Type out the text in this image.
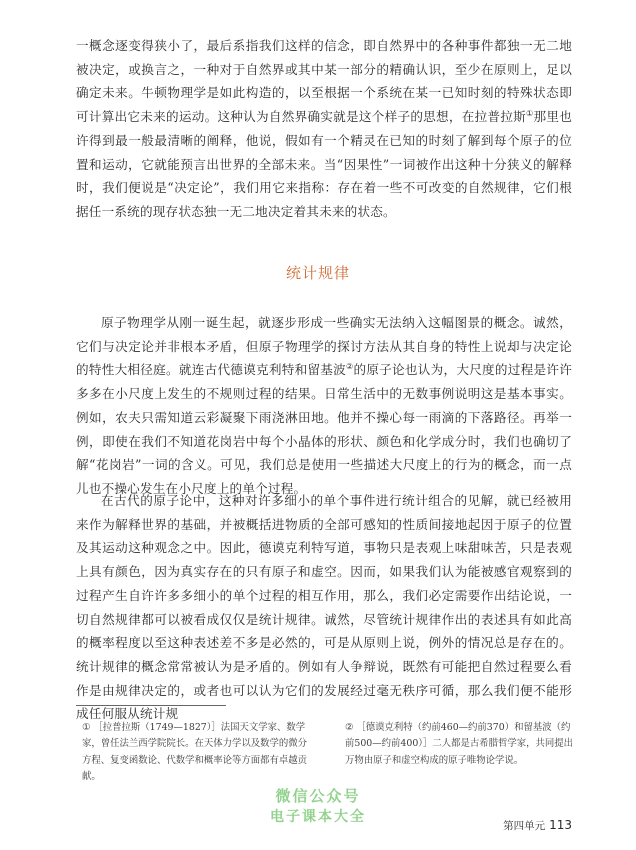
一概念逐变得狭小了，最后系指我们这样的信念，即自然界中的各种事件都独一无二地被决定，或换言之，一种对于自然界或其中某一部分的精确认识，至少在原则上，足以确定未来。牛顿物理学是如此构造的，以至根据一个系统在某一已知时刻的特殊状态即可计算出它未来的运动。这种认为自然界确实就是这个样子的思想，在拉普拉斯①那里也许得到最一般最清晰的阐释，他说，假如有一个精灵在已知的时刻了解到每个原子的位置和运动，它就能预言出世界的全部未来。当“因果性”一词被作出这种十分狭义的解释时，我们便说是“决定论”，我们用它来指称：存在着一些不可改变的自然规律，它们根据任一系统的现存状态独一无二地决定着其未来的状态。

统计规律

原子物理学从刚一诞生起，就逐步形成一些确实无法纳入这幅图景的概念。诚然，它们与决定论并非根本矛盾，但原子物理学的探讨方法从其自身的特性上说却与决定论的特性大相径庭。就连古代德谟克利特和留基波②的原子论也认为，大尺度的过程是许许多多在小尺度上发生的不规则过程的结果。日常生活中的无数事例说明这是基本事实。例如，农夫只需知道云彩凝聚下雨浇淋田地。他并不操心每一雨滴的下落路径。再举一例，即使在我们不知道花岗岩中每个小晶体的形状、颜色和化学成分时，我们也确切了解“花岗岩”一词的含义。可见，我们总是使用一些描述大尺度上的行为的概念，而一点儿也不操心发生在小尺度上的单个过程。

在古代的原子论中，这种对许多细小的单个事件进行统计组合的见解，就已经被用来作为解释世界的基础，并被概括进物质的全部可感知的性质间接地起因于原子的位置及其运动这种观念之中。因此，德谟克利特写道，事物只是表观上味甜味苦，只是表观上具有颜色，因为真实存在的只有原子和虚空。因而，如果我们认为能被感官观察到的过程产生自许许多多细小的单个过程的相互作用，那么，我们必定需要作出结论说，一切自然规律都可以被看成仅仅是统计规律。诚然，尽管统计规律作出的表述具有如此高的概率程度以至这种表述差不多是必然的，可是从原则上说，例外的情况总是存在的。统计规律的概念常常被认为是矛盾的。例如有人争辩说，既然有可能把自然过程要么看作是由规律决定的，或者也可以认为它们的发展经过毫无秩序可循，那么我们便不能形成任何服从统计规

① ［拉普拉斯（1749—1827）］法国天文学家、数学家，曾任法兰西学院院长。在天体力学以及数学的微分方程、复变函数论、代数学和概率论等方面都有卓越贡献。

② ［德谟克利特（约前460—约前370）和留基波（约前500—约前400）］二人都是古希腊哲学家，共同提出万物由原子和虚空构成的原子唯物论学说。

微信公众号
电子课本大全
第四单元 113
